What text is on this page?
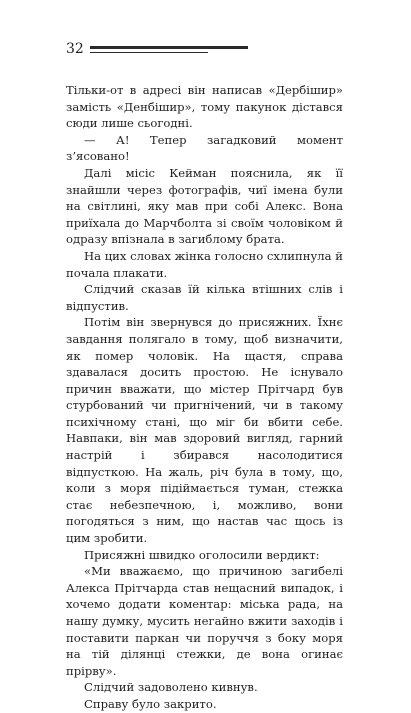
32

Тільки-от в адресі він написав «Дербішир» замість «Денбішир», тому пакунок дістався сюди лише сьогодні.

— А! Тепер загадковий момент з’ясовано!

Далі місіс Кейман пояснила, як її знайшли через фотографів, чиї імена були на світлині, яку мав при собі Алекс. Вона приїхала до Марчболта зі своїм чоловіком й одразу впізнала в загиблому брата.

На цих словах жінка голосно схлипнула й почала плакати.

Слідчий сказав їй кілька втішних слів і відпустив.

Потім він звернувся до присяжних. Їхнє завдання полягало в тому, щоб визначити, як помер чоловік. На щастя, справа здавалася досить простою. Не існувало причин вважати, що містер Прітчард був стурбований чи пригнічений, чи в такому психічному стані, що міг би вбити себе. Навпаки, він мав здоровий вигляд, гарний настрій і збирався насолодитися відпусткою. На жаль, річ була в тому, що, коли з моря підіймається туман, стежка стає небезпечною, і, можливо, вони погодяться з ним, що настав час щось із цим зробити.

Присяжні швидко оголосили вердикт:

«Ми вважаємо, що причиною загибелі Алекса Прітчарда став нещасний випадок, і хочемо додати коментар: міська рада, на нашу думку, мусить негайно вжити заходів і поставити паркан чи поруччя з боку моря на тій ділянці стежки, де вона огинає прірву».

Слідчий задоволено кивнув.

Справу було закрито.
